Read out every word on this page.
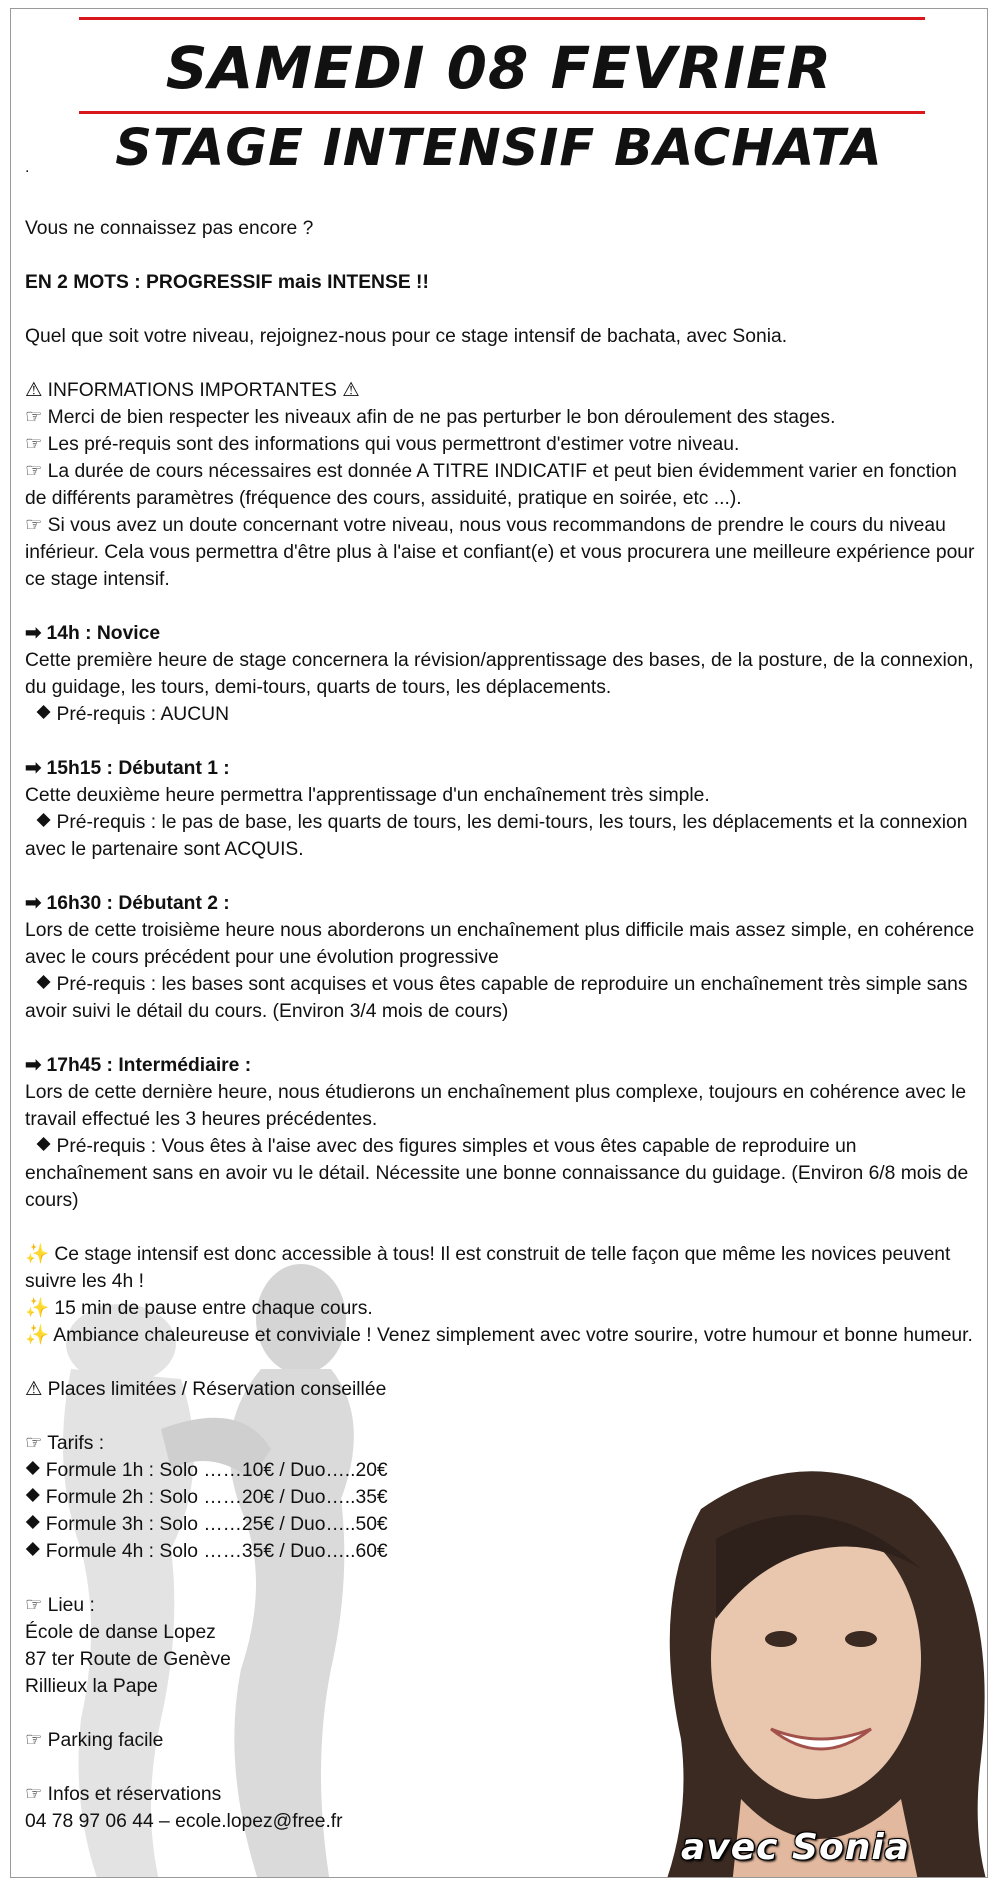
SAMEDI 08 FEVRIER
STAGE INTENSIF BACHATA
.

Vous ne connaissez pas encore ?

EN 2 MOTS : PROGRESSIF mais INTENSE !!

Quel que soit votre niveau, rejoignez-nous pour ce stage intensif de bachata, avec Sonia.

⚠ INFORMATIONS IMPORTANTES ⚠

☞ Merci de bien respecter les niveaux afin de ne pas perturber le bon déroulement des stages.

☞ Les pré-requis sont des informations qui vous permettront d'estimer votre niveau.

☞ La durée de cours nécessaires est donnée A TITRE INDICATIF et peut bien évidemment varier en fonction de différents paramètres (fréquence des cours, assiduité, pratique en soirée, etc ...).

☞ Si vous avez un doute concernant votre niveau, nous vous recommandons de prendre le cours du niveau inférieur. Cela vous permettra d'être plus à l'aise et confiant(e) et vous procurera une meilleure expérience pour ce stage intensif.

➡ 14h : Novice

Cette première heure de stage concernera la révision/apprentissage des bases, de la posture, de la connexion, du guidage, les tours, demi-tours, quarts de tours, les déplacements.

⯁ Pré-requis : AUCUN

➡ 15h15 : Débutant 1 :

Cette deuxième heure permettra l'apprentissage d'un enchaînement très simple.

⯁ Pré-requis : le pas de base, les quarts de tours, les demi-tours, les tours, les déplacements et la connexion avec le partenaire sont ACQUIS.

➡ 16h30 : Débutant 2 :

Lors de cette troisième heure nous aborderons un enchaînement plus difficile mais assez simple, en cohérence avec le cours précédent pour une évolution progressive

⯁ Pré-requis : les bases sont acquises et vous êtes capable de reproduire un enchaînement très simple sans avoir suivi le détail du cours. (Environ 3/4 mois de cours)

➡ 17h45 : Intermédiaire :

Lors de cette dernière heure, nous étudierons un enchaînement plus complexe, toujours en cohérence avec le travail effectué les 3 heures précédentes.

⯁ Pré-requis : Vous êtes à l'aise avec des figures simples et vous êtes capable de reproduire un enchaînement sans en avoir vu le détail. Nécessite une bonne connaissance du guidage. (Environ 6/8 mois de cours)

✨ Ce stage intensif est donc accessible à tous! Il est construit de telle façon que même les novices peuvent suivre les 4h !

✨ 15 min de pause entre chaque cours.

✨ Ambiance chaleureuse et conviviale ! Venez simplement avec votre sourire, votre humour et bonne humeur.

⚠ Places limitées / Réservation conseillée

☞ Tarifs :

⯁ Formule 1h : Solo ……10€ / Duo…..20€

⯁ Formule 2h : Solo ……20€ / Duo…..35€

⯁ Formule 3h : Solo ……25€ / Duo…..50€

⯁ Formule 4h : Solo ……35€ / Duo…..60€

☞ Lieu :

École de danse Lopez

87 ter Route de Genève

Rillieux la Pape

☞ Parking facile

☞ Infos et réservations

04 78 97 06 44 – ecole.lopez@free.fr

avec Sonia
